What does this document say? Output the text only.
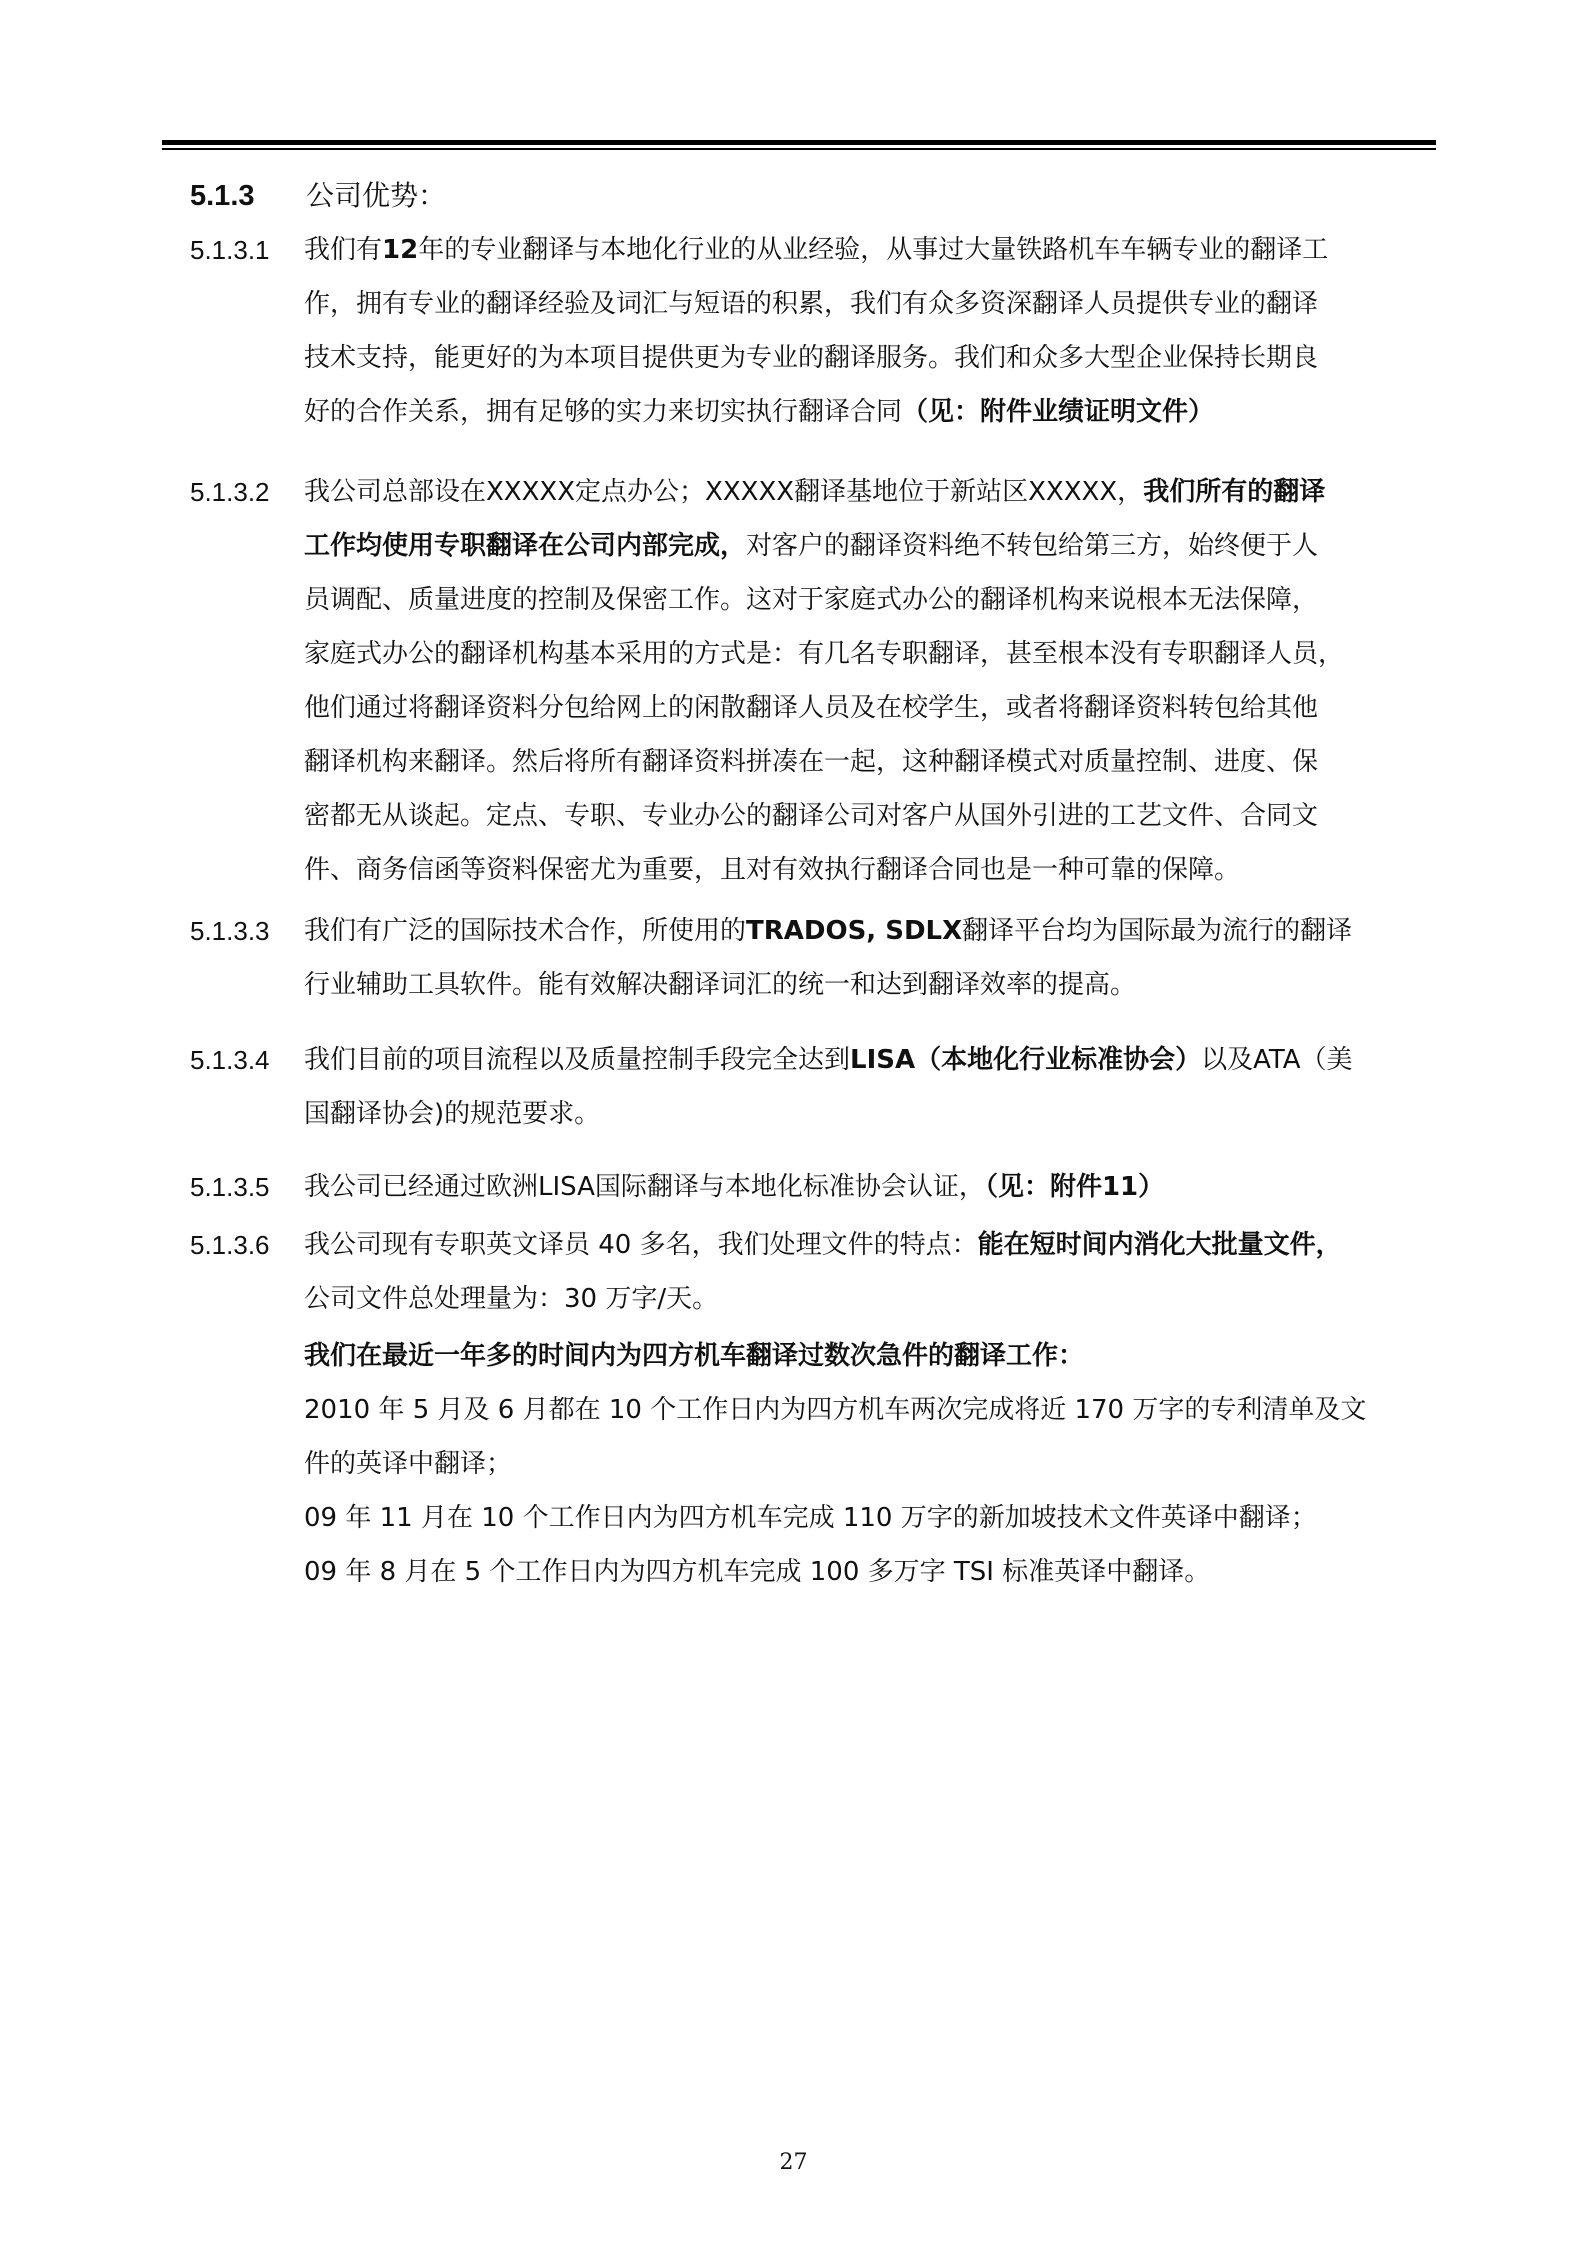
5.1.3 公司优势：
5.1.3.1 我们有12年的专业翻译与本地化行业的从业经验，从事过大量铁路机车车辆专业的翻译工
作，拥有专业的翻译经验及词汇与短语的积累，我们有众多资深翻译人员提供专业的翻译
技术支持，能更好的为本项目提供更为专业的翻译服务。我们和众多大型企业保持长期良
好的合作关系，拥有足够的实力来切实执行翻译合同（见：附件业绩证明文件）
5.1.3.2 我公司总部设在XXXXX定点办公；XXXXX翻译基地位于新站区XXXXX，我们所有的翻译
工作均使用专职翻译在公司内部完成，对客户的翻译资料绝不转包给第三方，始终便于人
员调配、质量进度的控制及保密工作。这对于家庭式办公的翻译机构来说根本无法保障，
家庭式办公的翻译机构基本采用的方式是：有几名专职翻译，甚至根本没有专职翻译人员，
他们通过将翻译资料分包给网上的闲散翻译人员及在校学生，或者将翻译资料转包给其他
翻译机构来翻译。然后将所有翻译资料拼凑在一起，这种翻译模式对质量控制、进度、保
密都无从谈起。定点、专职、专业办公的翻译公司对客户从国外引进的工艺文件、合同文
件、商务信函等资料保密尤为重要，且对有效执行翻译合同也是一种可靠的保障。
5.1.3.3 我们有广泛的国际技术合作，所使用的TRADOS, SDLX翻译平台均为国际最为流行的翻译
行业辅助工具软件。能有效解决翻译词汇的统一和达到翻译效率的提高。
5.1.3.4 我们目前的项目流程以及质量控制手段完全达到LISA（本地化行业标准协会）以及ATA（美
国翻译协会)的规范要求。
5.1.3.5 我公司已经通过欧洲LISA国际翻译与本地化标准协会认证，（见：附件11）
5.1.3.6 我公司现有专职英文译员 40 多名，我们处理文件的特点：能在短时间内消化大批量文件，
公司文件总处理量为：30 万字/天。
我们在最近一年多的时间内为四方机车翻译过数次急件的翻译工作：
2010 年 5 月及 6 月都在 10 个工作日内为四方机车两次完成将近 170 万字的专利清单及文
件的英译中翻译；
09 年 11 月在 10 个工作日内为四方机车完成 110 万字的新加坡技术文件英译中翻译；
09 年 8 月在 5 个工作日内为四方机车完成 100 多万字 TSI 标准英译中翻译。
27
